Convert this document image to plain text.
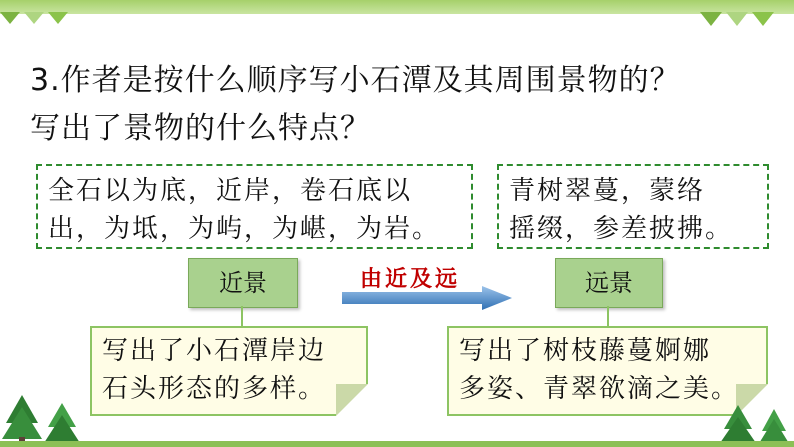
3.作者是按什么顺序写小石潭及其周围景物的？
写出了景物的什么特点？
全石以为底，近岸，卷石底以
出，为坻，为屿，为嵁，为岩。
青树翠蔓，蒙络
摇缀，参差披拂。
近景	远景
由近及远
写出了小石潭岸边
石头形态的多样。
写出了树枝藤蔓婀娜
多姿、青翠欲滴之美。
